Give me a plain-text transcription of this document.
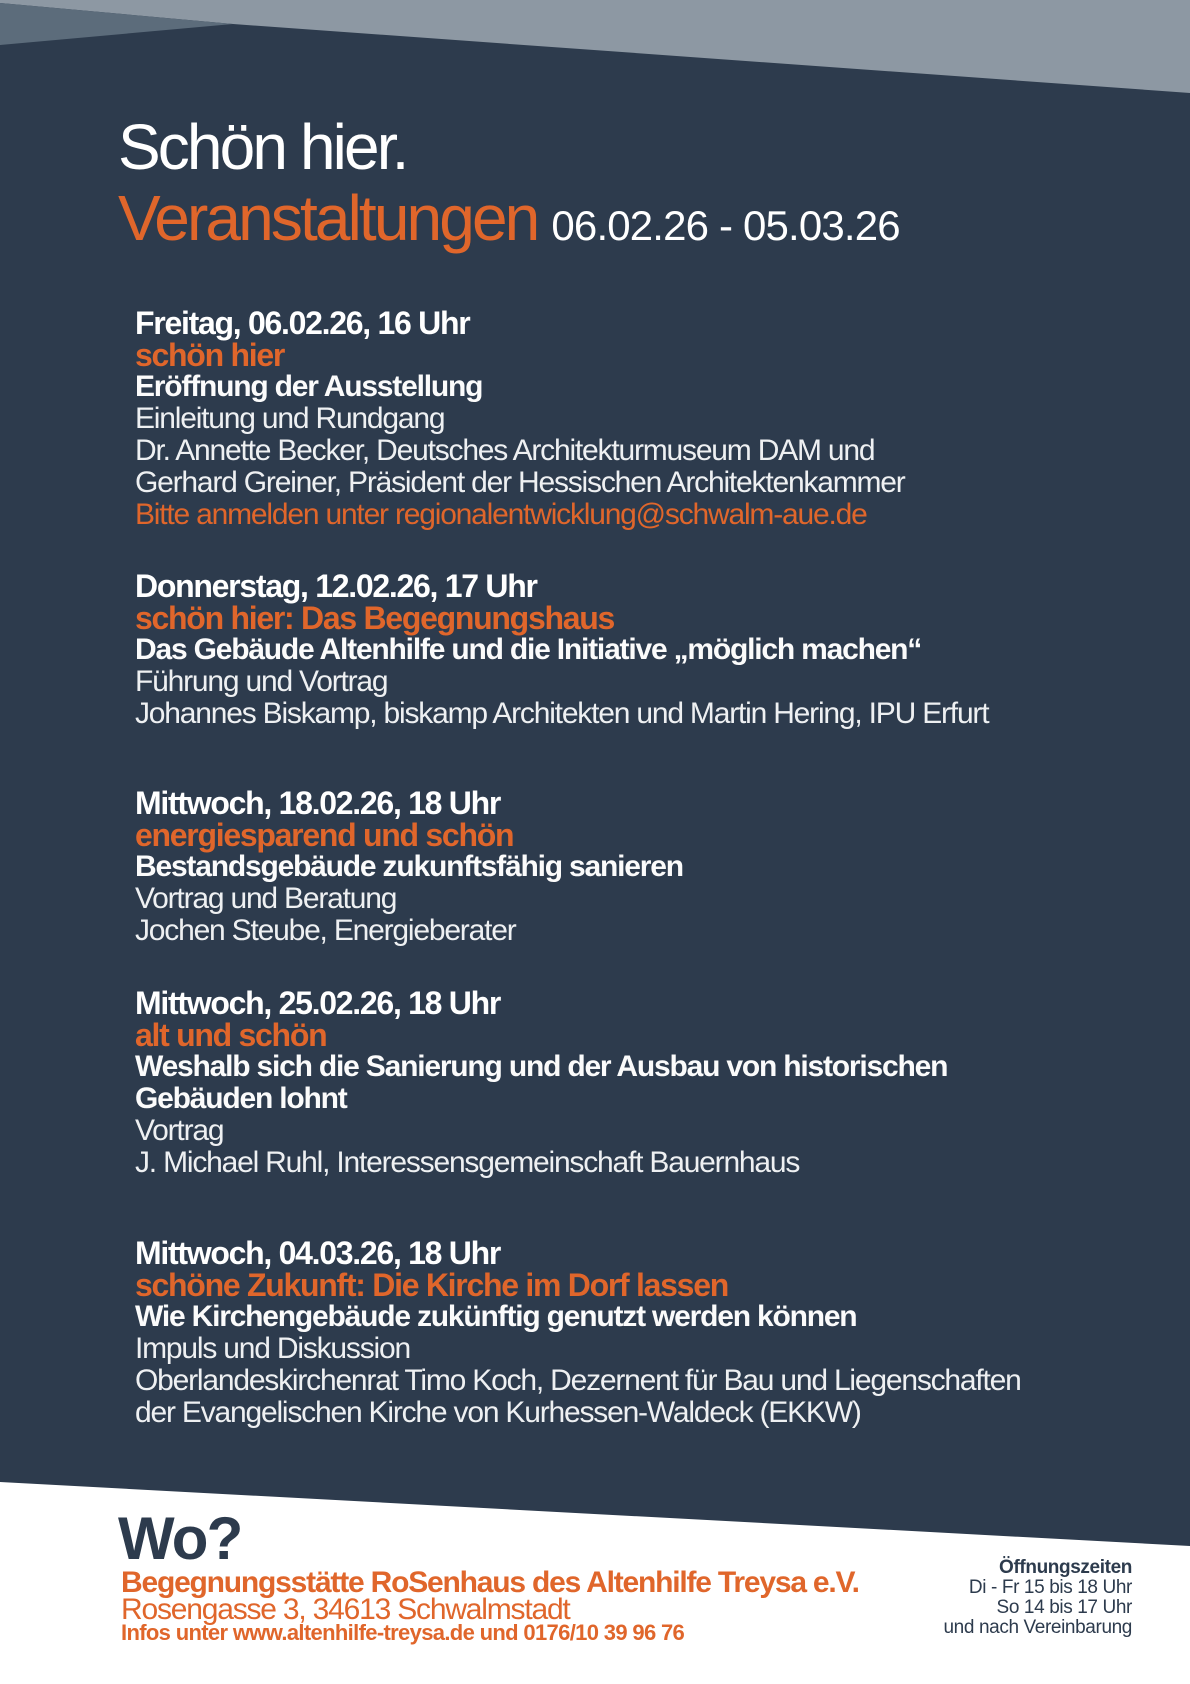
Schön hier.
Veranstaltungen 06.02.26 - 05.03.26
Freitag, 06.02.26, 16 Uhr
schön hier
Eröffnung der Ausstellung
Einleitung und Rundgang
Dr. Annette Becker, Deutsches Architekturmuseum DAM und
Gerhard Greiner, Präsident der Hessischen Architektenkammer
Bitte anmelden unter regionalentwicklung@schwalm-aue.de
Donnerstag, 12.02.26, 17 Uhr
schön hier: Das Begegnungshaus
Das Gebäude Altenhilfe und die Initiative „möglich machen“
Führung und Vortrag
Johannes Biskamp, biskamp Architekten und Martin Hering, IPU Erfurt
Mittwoch, 18.02.26, 18 Uhr
energiesparend und schön
Bestandsgebäude zukunftsfähig sanieren
Vortrag und Beratung
Jochen Steube, Energieberater
Mittwoch, 25.02.26, 18 Uhr
alt und schön
Weshalb sich die Sanierung und der Ausbau von historischen
Gebäuden lohnt
Vortrag
J. Michael Ruhl, Interessensgemeinschaft Bauernhaus
Mittwoch, 04.03.26, 18 Uhr
schöne Zukunft: Die Kirche im Dorf lassen
Wie Kirchengebäude zukünftig genutzt werden können
Impuls und Diskussion
Oberlandeskirchenrat Timo Koch, Dezernent für Bau und Liegenschaften
der Evangelischen Kirche von Kurhessen-Waldeck (EKKW)
Wo?
Begegnungsstätte RoSenhaus des Altenhilfe Treysa e.V.
Rosengasse 3, 34613 Schwalmstadt
Infos unter www.altenhilfe-treysa.de und 0176/10 39 96 76
Öffnungszeiten
Di - Fr 15 bis 18 Uhr
So 14 bis 17 Uhr
und nach Vereinbarung
